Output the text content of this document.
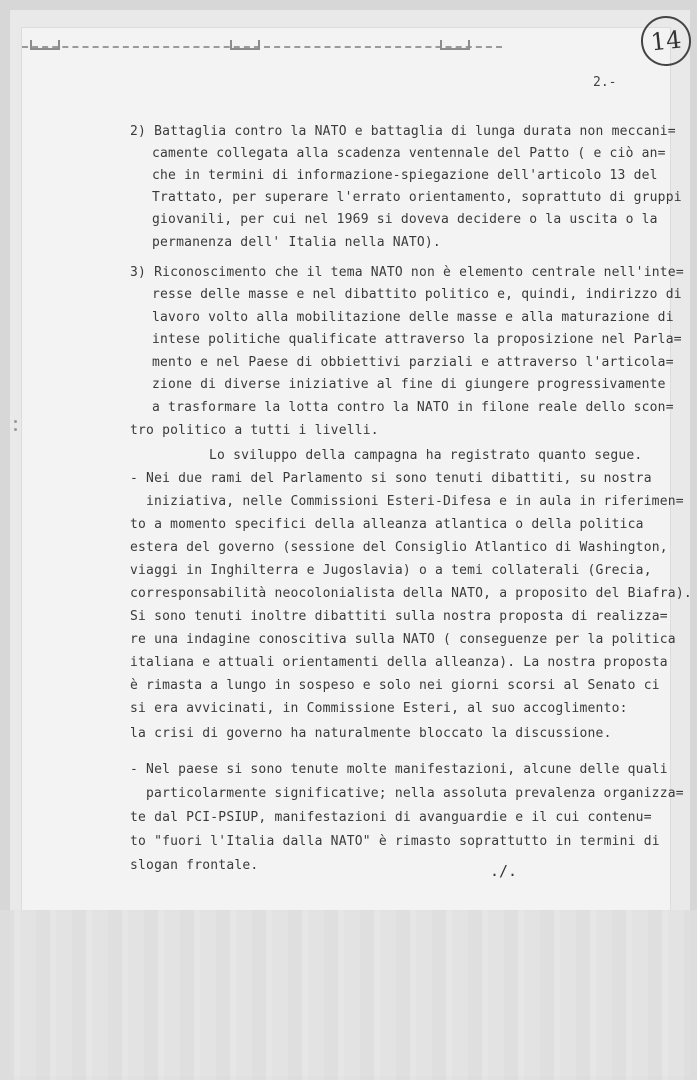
14
2.-
2) Battaglia contro la NATO e battaglia di lunga durata non meccani=
camente collegata alla scadenza ventennale del Patto ( e ciò an=
che in termini di informazione-spiegazione dell'articolo 13 del
Trattato, per superare l'errato orientamento, soprattuto di gruppi
giovanili, per cui nel 1969 si doveva decidere o la uscita o la
permanenza dell' Italia nella NATO).
3) Riconoscimento che il tema NATO non è elemento centrale nell'inte=
resse delle masse e nel dibattito politico e, quindi, indirizzo di
lavoro volto alla mobilitazione delle masse e alla maturazione di
intese politiche qualificate attraverso la proposizione nel Parla=
mento e nel Paese di obbiettivi parziali e attraverso l'articola=
zione di diverse iniziative al fine di giungere progressivamente
a trasformare la lotta contro la NATO in filone reale dello scon=
tro politico a tutti i livelli.
Lo sviluppo della campagna ha registrato quanto segue.
- Nei due rami del Parlamento si sono tenuti dibattiti, su nostra
iniziativa, nelle Commissioni Esteri-Difesa e in aula in riferimen=
to a momento specifici della alleanza atlantica o della politica
estera del governo (sessione del Consiglio Atlantico di Washington,
viaggi in Inghilterra e Jugoslavia) o a temi collaterali (Grecia,
corresponsabilità neocolonialista della NATO, a proposito del Biafra).
Si sono tenuti inoltre dibattiti sulla nostra proposta di realizza=
re una indagine conoscitiva sulla NATO ( conseguenze per la politica
italiana e attuali orientamenti della alleanza). La nostra proposta
è rimasta a lungo in sospeso e solo nei giorni scorsi al Senato ci
si era avvicinati, in Commissione Esteri, al suo accoglimento:
la crisi di governo ha naturalmente bloccato la discussione.
- Nel paese si sono tenute molte manifestazioni, alcune delle quali
particolarmente significative; nella assoluta prevalenza organizza=
te dal PCI-PSIUP, manifestazioni di avanguardie e il cui contenu=
to "fuori l'Italia dalla NATO" è rimasto soprattutto in termini di
slogan frontale.	./.
